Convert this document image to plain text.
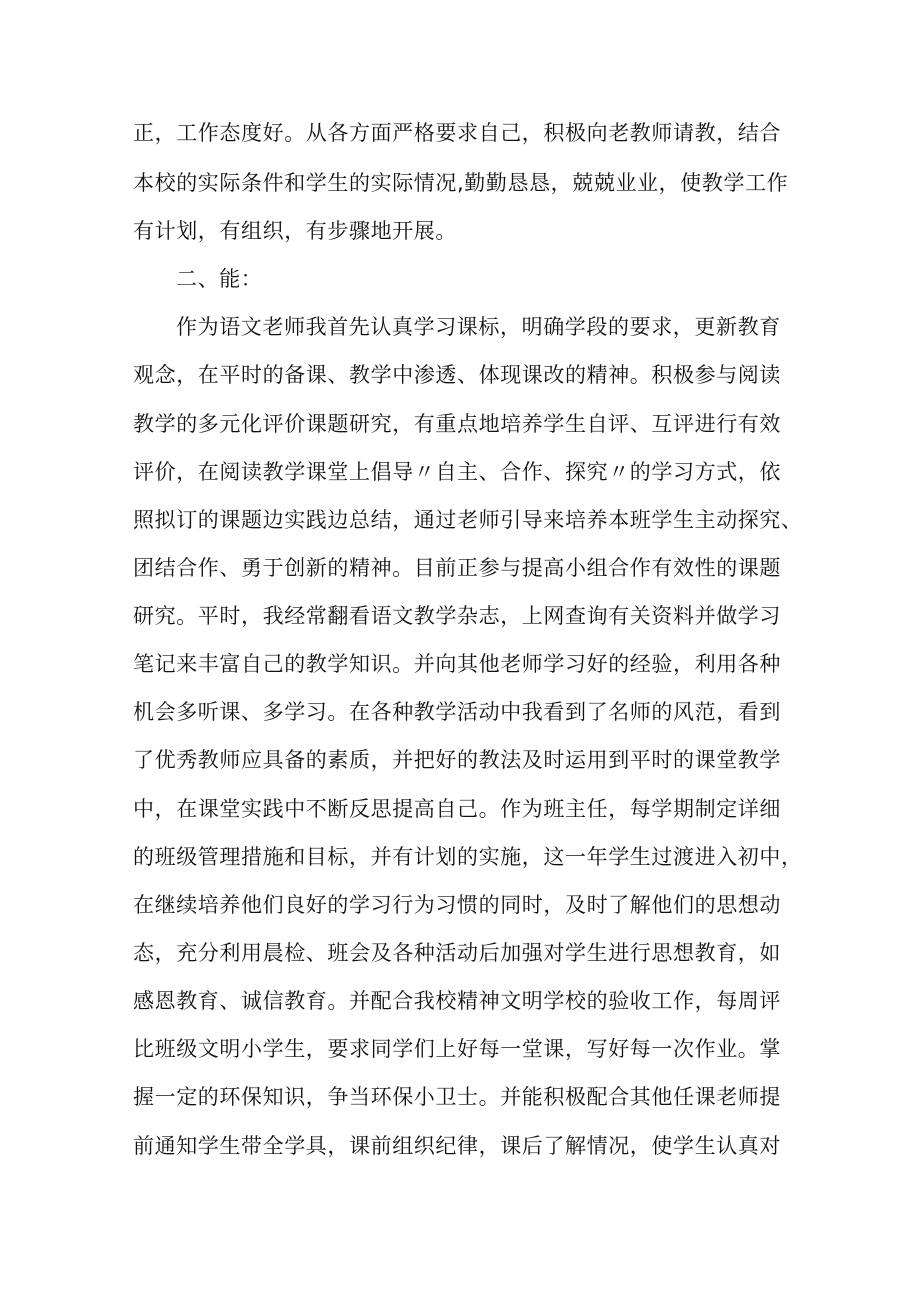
正，工作态度好。从各方面严格要求自己，积极向老教师请教，结合
本校的实际条件和学生的实际情况,勤勤恳恳，兢兢业业，使教学工作
有计划，有组织，有步骤地开展。
二、能：
作为语文老师我首先认真学习课标，明确学段的要求，更新教育
观念，在平时的备课、教学中渗透、体现课改的精神。积极参与阅读
教学的多元化评价课题研究，有重点地培养学生自评、互评进行有效
评价，在阅读教学课堂上倡导〃自主、合作、探究〃的学习方式，依
照拟订的课题边实践边总结，通过老师引导来培养本班学生主动探究、
团结合作、勇于创新的精神。目前正参与提高小组合作有效性的课题
研究。平时，我经常翻看语文教学杂志，上网查询有关资料并做学习
笔记来丰富自己的教学知识。并向其他老师学习好的经验，利用各种
机会多听课、多学习。在各种教学活动中我看到了名师的风范，看到
了优秀教师应具备的素质，并把好的教法及时运用到平时的课堂教学
中，在课堂实践中不断反思提高自己。作为班主任，每学期制定详细
的班级管理措施和目标，并有计划的实施，这一年学生过渡进入初中，
在继续培养他们良好的学习行为习惯的同时，及时了解他们的思想动
态，充分利用晨检、班会及各种活动后加强对学生进行思想教育，如
感恩教育、诚信教育。并配合我校精神文明学校的验收工作，每周评
比班级文明小学生，要求同学们上好每一堂课，写好每一次作业。掌
握一定的环保知识，争当环保小卫士。并能积极配合其他任课老师提
前通知学生带全学具，课前组织纪律，课后了解情况，使学生认真对
